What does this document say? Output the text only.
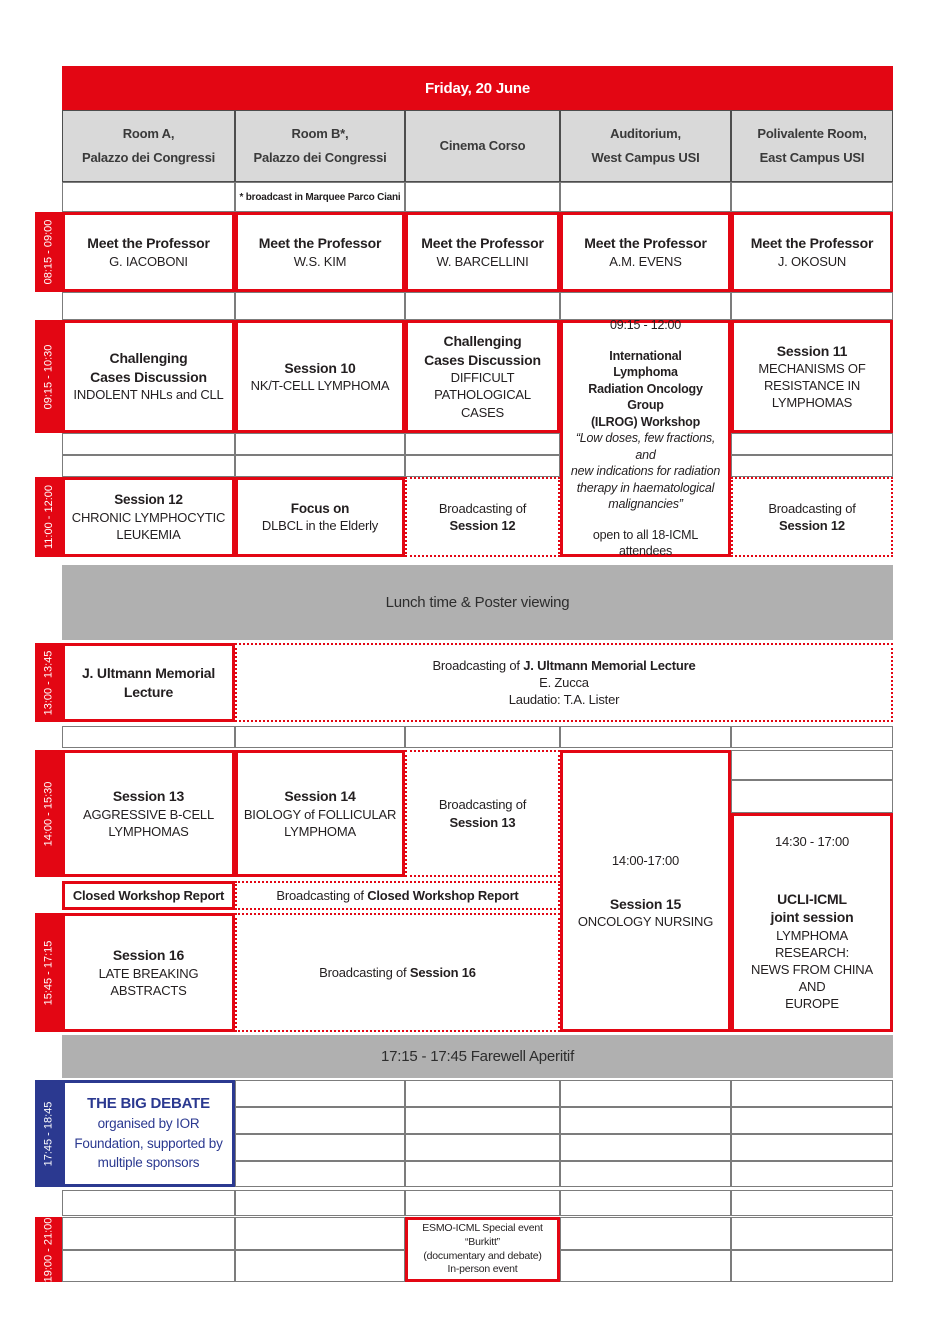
Friday, 20 June
Room A,
Palazzo dei Congressi
Room B*,
Palazzo dei Congressi
Cinema Corso
Auditorium,
West Campus USI
Polivalente Room,
East Campus USI
* broadcast in Marquee Parco Ciani
08:15 - 09:00
09:15 - 10:30
11:00 - 12:00
13:00 - 13:45
14:00 - 15:30
15:45 - 17:15
17:45 - 18:45
19:00 - 21:00
Meet the Professor
G. IACOBONI
Meet the Professor
W.S. KIM
Meet the Professor
W. BARCELLINI
Meet the Professor
A.M. EVENS
Meet the Professor
J. OKOSUN
Challenging
Cases Discussion
INDOLENT NHLs and CLL
Session 10
NK/T-CELL LYMPHOMA
Challenging
Cases Discussion
DIFFICULT
PATHOLOGICAL CASES
09:15 - 12:00
International
Lymphoma
Radiation Oncology Group
(ILROG) Workshop
“Low doses, few fractions, and
new indications for radiation
therapy in haematological
malignancies”
open to all 18-ICML attendees
Session 11
MECHANISMS OF
RESISTANCE IN
LYMPHOMAS
Session 12
CHRONIC LYMPHOCYTIC
LEUKEMIA
Focus on
DLBCL in the Elderly
Broadcasting of
Session 12
Broadcasting of
Session 12
Lunch time & Poster viewing
J. Ultmann Memorial
Lecture
Broadcasting of J. Ultmann Memorial Lecture
E. Zucca
Laudatio: T.A. Lister
Session 13
AGGRESSIVE B-CELL
LYMPHOMAS
Session 14
BIOLOGY of FOLLICULAR
LYMPHOMA
Broadcasting of
Session 13
14:00-17:00
Session 15
ONCOLOGY NURSING
14:30 - 17:00
UCLI-ICML
joint session
LYMPHOMA RESEARCH:
NEWS FROM CHINA AND
EUROPE
Closed Workshop Report	Broadcasting of Closed Workshop Report
Session 16
LATE BREAKING
ABSTRACTS
Broadcasting of Session 16
17:15 - 17:45 Farewell Aperitif
THE BIG DEBATE
organised by IOR
Foundation, supported by
multiple sponsors
ESMO-ICML Special event
“Burkitt”
(documentary and debate)
In-person event
